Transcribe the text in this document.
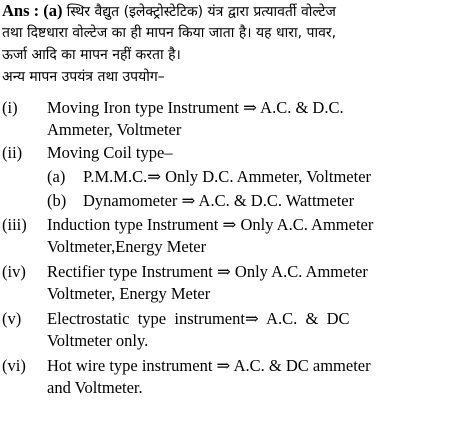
Ans : (a) स्थिर वैद्युत (इलेक्ट्रोस्टेटिक) यंत्र द्वारा प्रत्यावर्ती वोल्टेज
तथा दिष्टधारा वोल्टेज का ही मापन किया जाता है। यह धारा, पावर,
ऊर्जा आदि का मापन नहीं करता है।
अन्य मापन उपयंत्र तथा उपयोग–
(i) Moving Iron type Instrument ⇒ A.C. & D.C.
Ammeter, Voltmeter
(ii) Moving Coil type–
(a) P.M.M.C.⇒ Only D.C. Ammeter, Voltmeter
(b) Dynamometer ⇒ A.C. & D.C. Wattmeter
(iii) Induction type Instrument ⇒ Only A.C. Ammeter
Voltmeter,Energy Meter
(iv) Rectifier type Instrument ⇒ Only A.C. Ammeter
Voltmeter, Energy Meter
(v) Electrostatic  type  instrument⇒  A.C.  &  DC
Voltmeter only.
(vi) Hot wire type instrument ⇒ A.C. & DC ammeter
and Voltmeter.
